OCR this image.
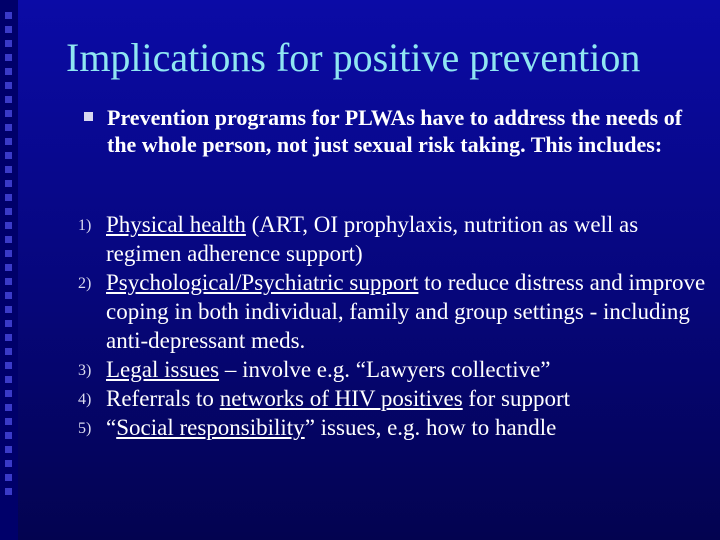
Implications for positive prevention
Prevention programs for PLWAs have to address the needs of the whole person, not just sexual risk taking. This includes:
1) Physical health (ART, OI prophylaxis, nutrition as well as regimen adherence support)
2) Psychological/Psychiatric support to reduce distress and improve coping in both individual, family and group settings - including anti-depressant meds.
3) Legal issues – involve e.g. “Lawyers collective”
4) Referrals to networks of HIV positives for support
5) “Social responsibility” issues, e.g. how to handle
